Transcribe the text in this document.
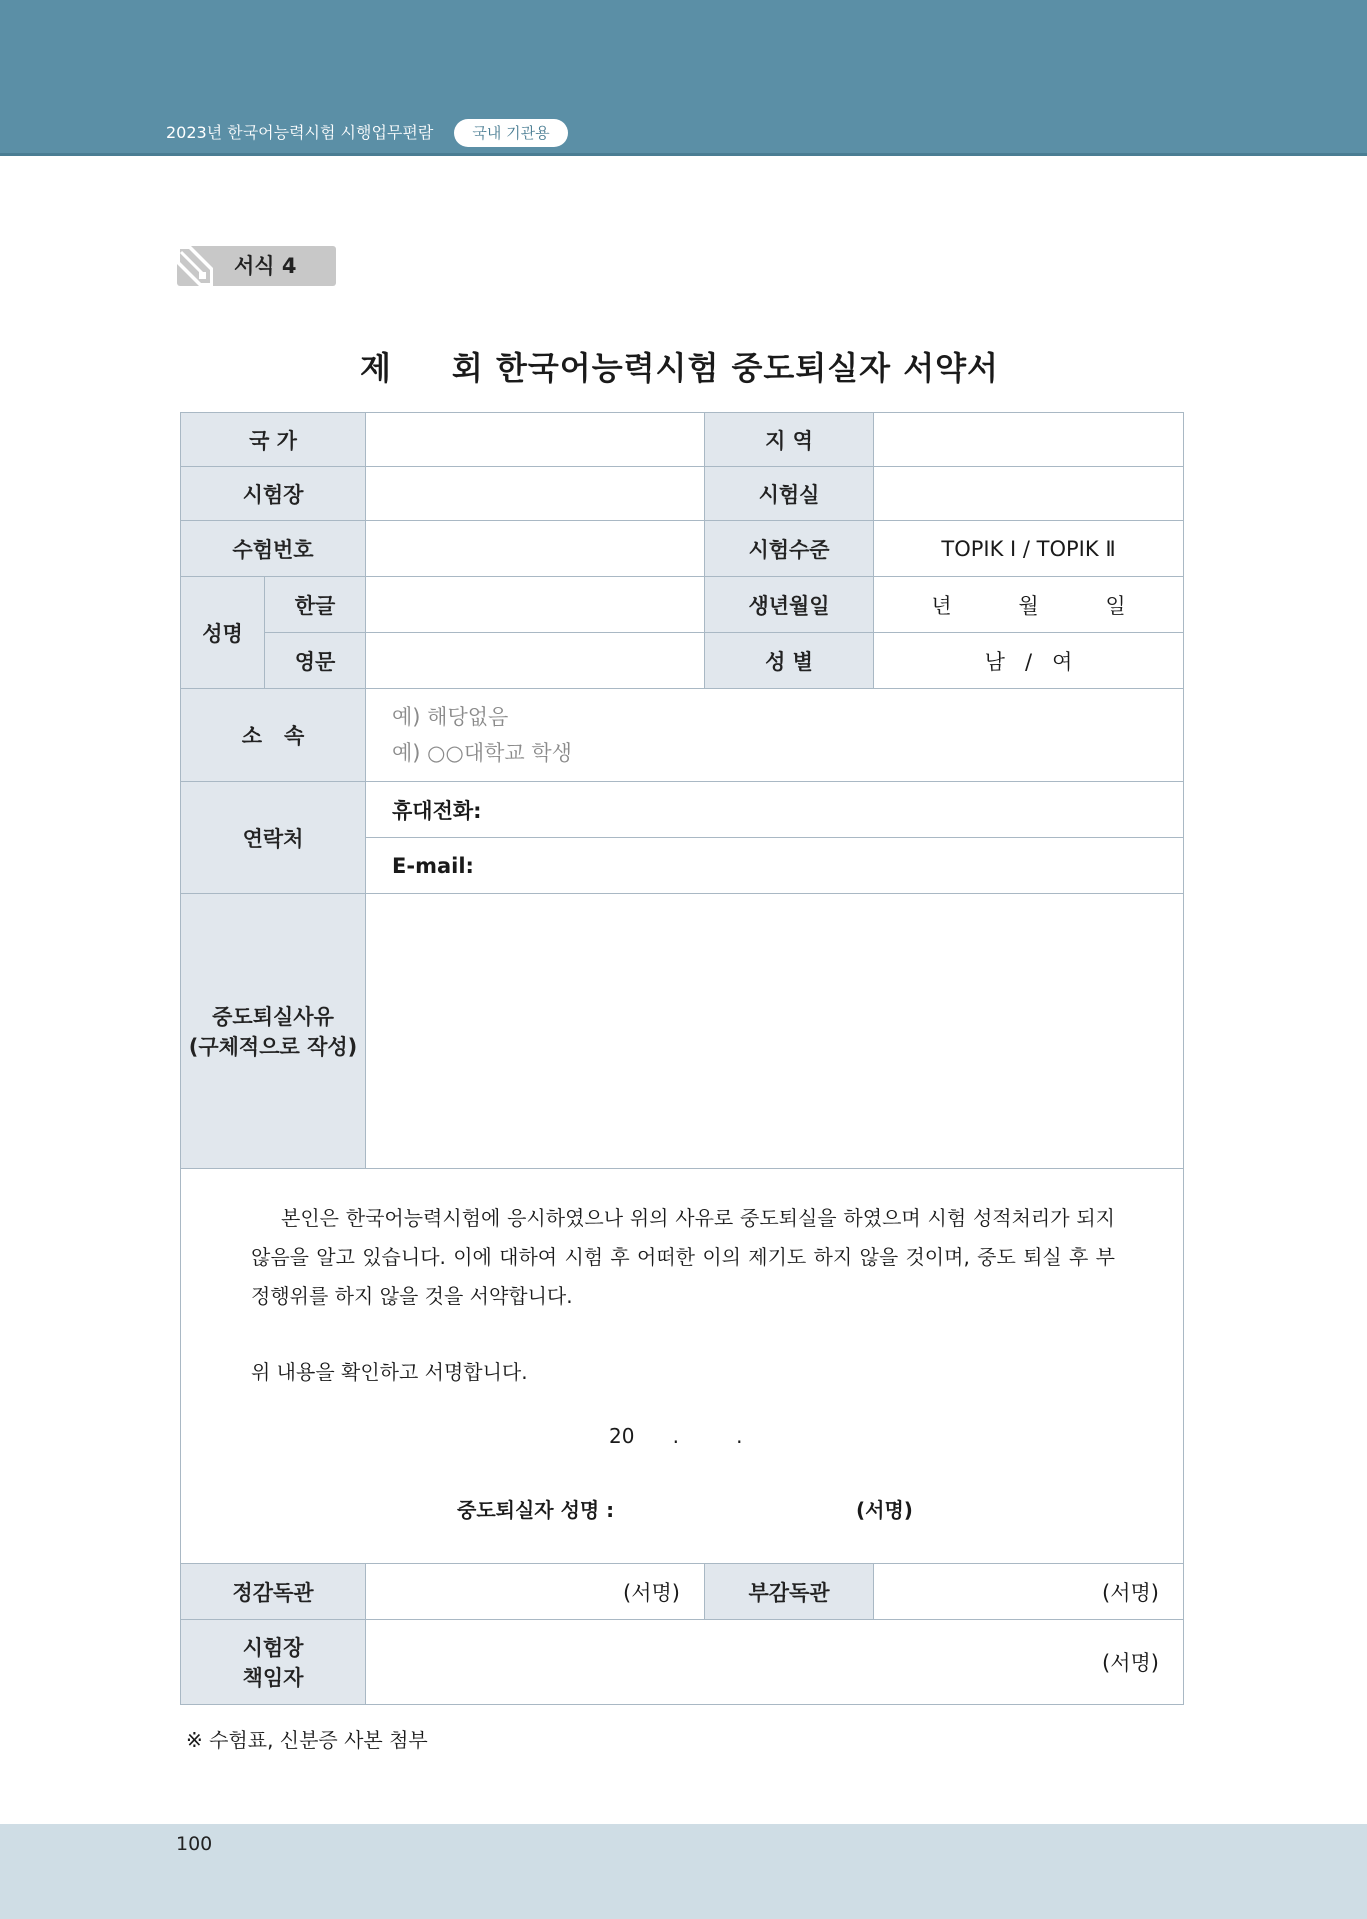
2023년 한국어능력시험 시행업무편람	국내 기관용
서식 4
제 회 한국어능력시험 중도퇴실자 서약서
국 가			지 역	
시험장			시험실	
수험번호			시험수준	TOPIK Ⅰ / TOPIK Ⅱ
성명	한글		생년월일	년          월          일
	영문		성 별	남   /   여
소   속		예) 해당없음
예) ○○대학교 학생		

연락처		휴대전화:		

		E-mail:		

중도퇴실사유
(구체적으로 작성)				

본인은 한국어능력시험에 응시하였으나 위의 사유로 중도퇴실을 하였으며 시험 성적처리가 되지 않음을 알고 있습니다. 이에 대하여 시험 후 어떠한 이의 제기도 하지 않을 것이며, 중도 퇴실 후 부정행위를 하지 않을 것을 서약합니다.
위 내용을 확인하고 서명합니다.
20      .         .
중도퇴실자 성명 : (서명)				

정감독관		(서명)	부감독관	(서명)

시험장
책임자		(서명)		
※ 수험표, 신분증 사본 첨부
100
